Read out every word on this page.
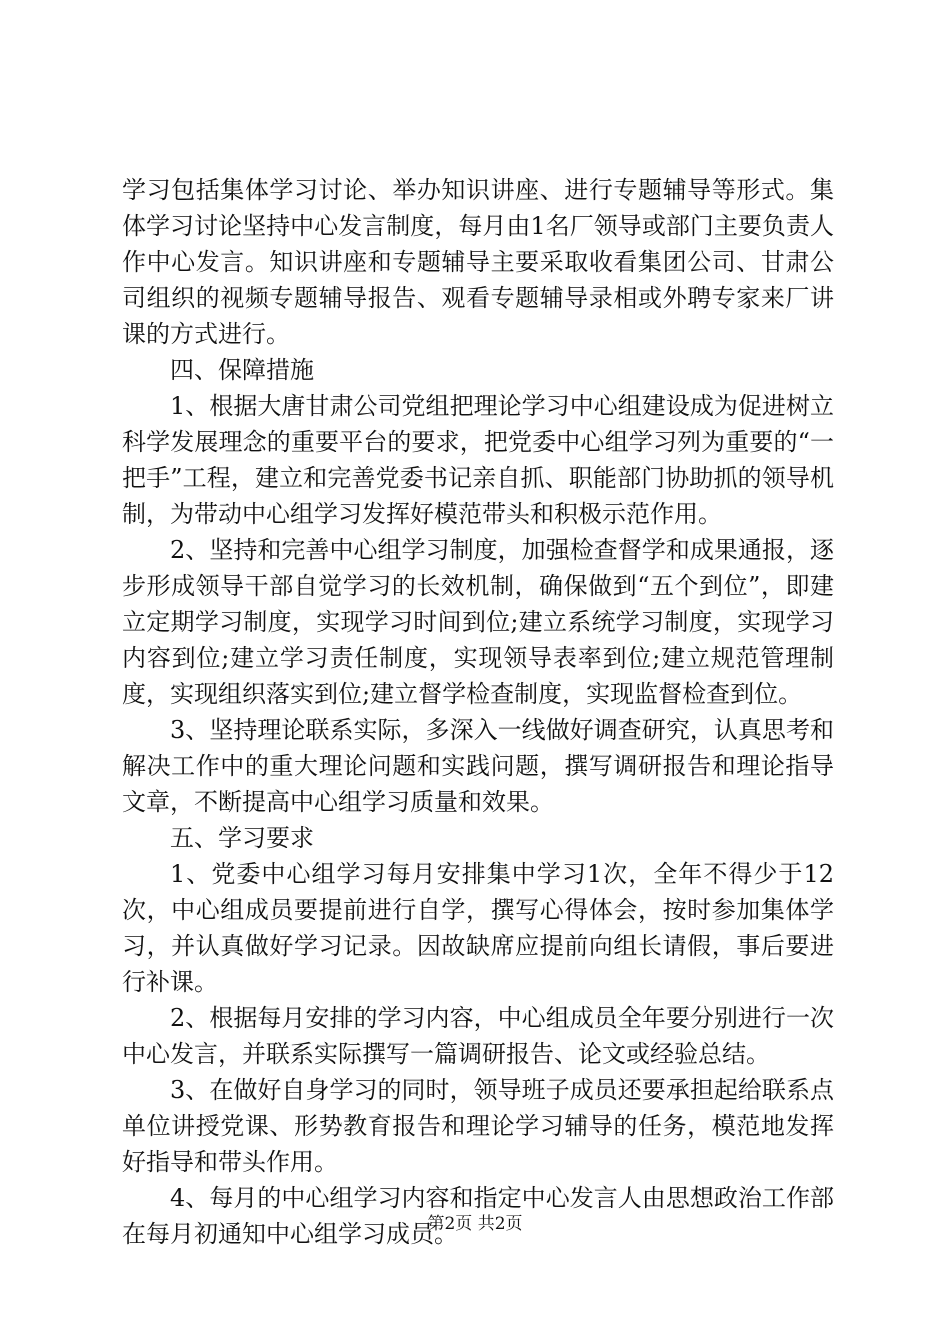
学习包括集体学习讨论、举办知识讲座、进行专题辅导等形式。集体学习讨论坚持中心发言制度，每月由1名厂领导或部门主要负责人作中心发言。知识讲座和专题辅导主要采取收看集团公司、甘肃公司组织的视频专题辅导报告、观看专题辅导录相或外聘专家来厂讲课的方式进行。

四、保障措施

1、根据大唐甘肃公司党组把理论学习中心组建设成为促进树立科学发展理念的重要平台的要求，把党委中心组学习列为重要的“一把手”工程，建立和完善党委书记亲自抓、职能部门协助抓的领导机制，为带动中心组学习发挥好模范带头和积极示范作用。

2、坚持和完善中心组学习制度，加强检查督学和成果通报，逐步形成领导干部自觉学习的长效机制，确保做到“五个到位”，即建立定期学习制度，实现学习时间到位;建立系统学习制度，实现学习内容到位;建立学习责任制度，实现领导表率到位;建立规范管理制度，实现组织落实到位;建立督学检查制度，实现监督检查到位。

3、坚持理论联系实际，多深入一线做好调查研究，认真思考和解决工作中的重大理论问题和实践问题，撰写调研报告和理论指导文章，不断提高中心组学习质量和效果。

五、学习要求

1、党委中心组学习每月安排集中学习1次，全年不得少于12次，中心组成员要提前进行自学，撰写心得体会，按时参加集体学习，并认真做好学习记录。因故缺席应提前向组长请假，事后要进行补课。

2、根据每月安排的学习内容，中心组成员全年要分别进行一次中心发言，并联系实际撰写一篇调研报告、论文或经验总结。

3、在做好自身学习的同时，领导班子成员还要承担起给联系点单位讲授党课、形势教育报告和理论学习辅导的任务，模范地发挥好指导和带头作用。

4、每月的中心组学习内容和指定中心发言人由思想政治工作部在每月初通知中心组学习成员。

第2页 共2页
